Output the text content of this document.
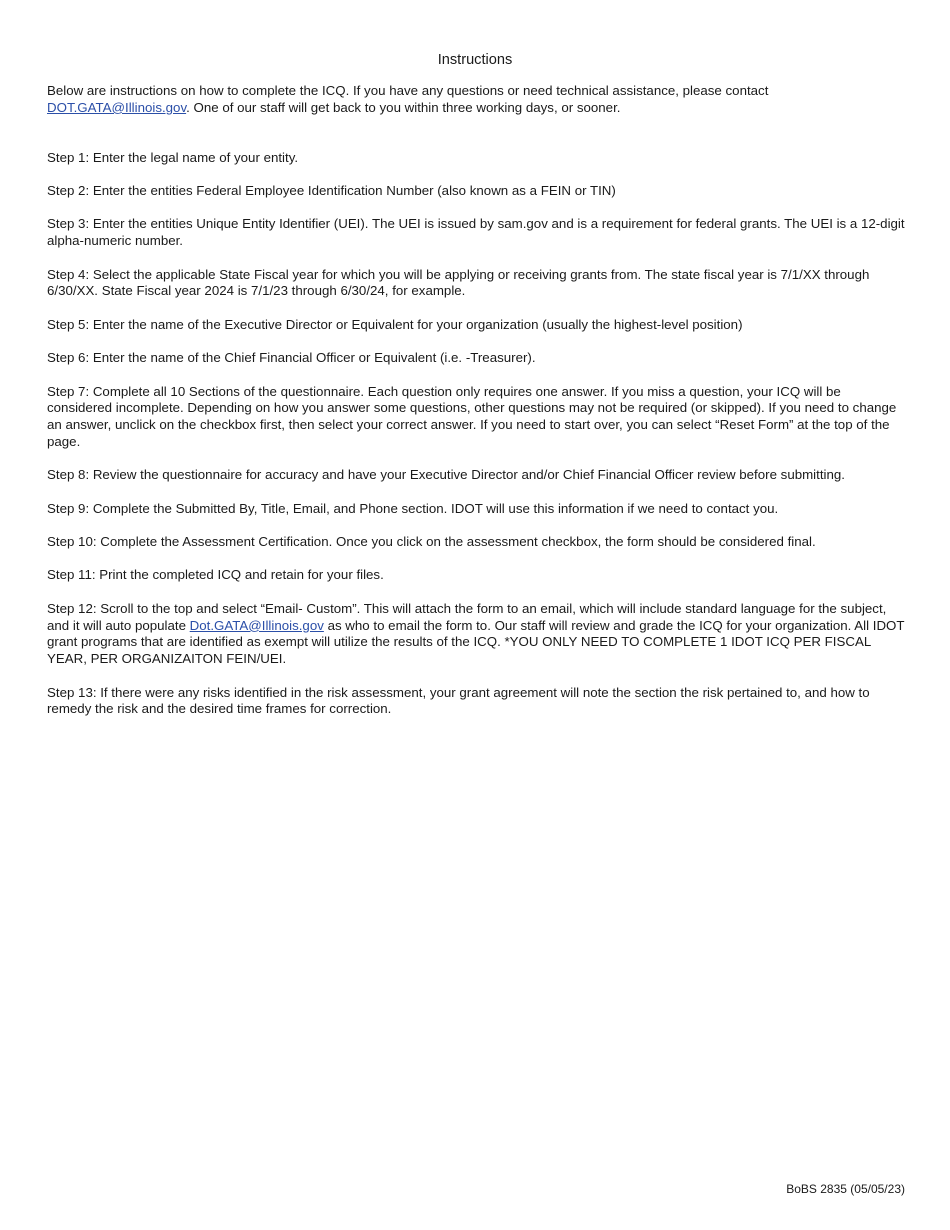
Instructions

Below are instructions on how to complete the ICQ. If you have any questions or need technical assistance, please contact DOT.GATA@Illinois.gov. One of our staff will get back to you within three working days, or sooner.

Step 1: Enter the legal name of your entity.

Step 2: Enter the entities Federal Employee Identification Number (also known as a FEIN or TIN)

Step 3: Enter the entities Unique Entity Identifier (UEI). The UEI is issued by sam.gov and is a requirement for federal grants. The UEI is a 12-digit alpha-numeric number.

Step 4: Select the applicable State Fiscal year for which you will be applying or receiving grants from. The state fiscal year is 7/1/XX through 6/30/XX. State Fiscal year 2024 is 7/1/23 through 6/30/24, for example.

Step 5: Enter the name of the Executive Director or Equivalent for your organization (usually the highest-level position)

Step 6: Enter the name of the Chief Financial Officer or Equivalent (i.e. -Treasurer).

Step 7: Complete all 10 Sections of the questionnaire. Each question only requires one answer. If you miss a question, your ICQ will be considered incomplete. Depending on how you answer some questions, other questions may not be required (or skipped). If you need to change an answer, unclick on the checkbox first, then select your correct answer. If you need to start over, you can select “Reset Form” at the top of the page.

Step 8: Review the questionnaire for accuracy and have your Executive Director and/or Chief Financial Officer review before submitting.

Step 9: Complete the Submitted By, Title, Email, and Phone section. IDOT will use this information if we need to contact you.

Step 10: Complete the Assessment Certification. Once you click on the assessment checkbox, the form should be considered final.

Step 11: Print the completed ICQ and retain for your files.

Step 12: Scroll to the top and select “Email- Custom”. This will attach the form to an email, which will include standard language for the subject, and it will auto populate Dot.GATA@Illinois.gov as who to email the form to. Our staff will review and grade the ICQ for your organization. All IDOT grant programs that are identified as exempt will utilize the results of the ICQ. *YOU ONLY NEED TO COMPLETE 1 IDOT ICQ PER FISCAL YEAR, PER ORGANIZAITON FEIN/UEI.

Step 13: If there were any risks identified in the risk assessment, your grant agreement will note the section the risk pertained to, and how to remedy the risk and the desired time frames for correction.

BoBS 2835 (05/05/23)
